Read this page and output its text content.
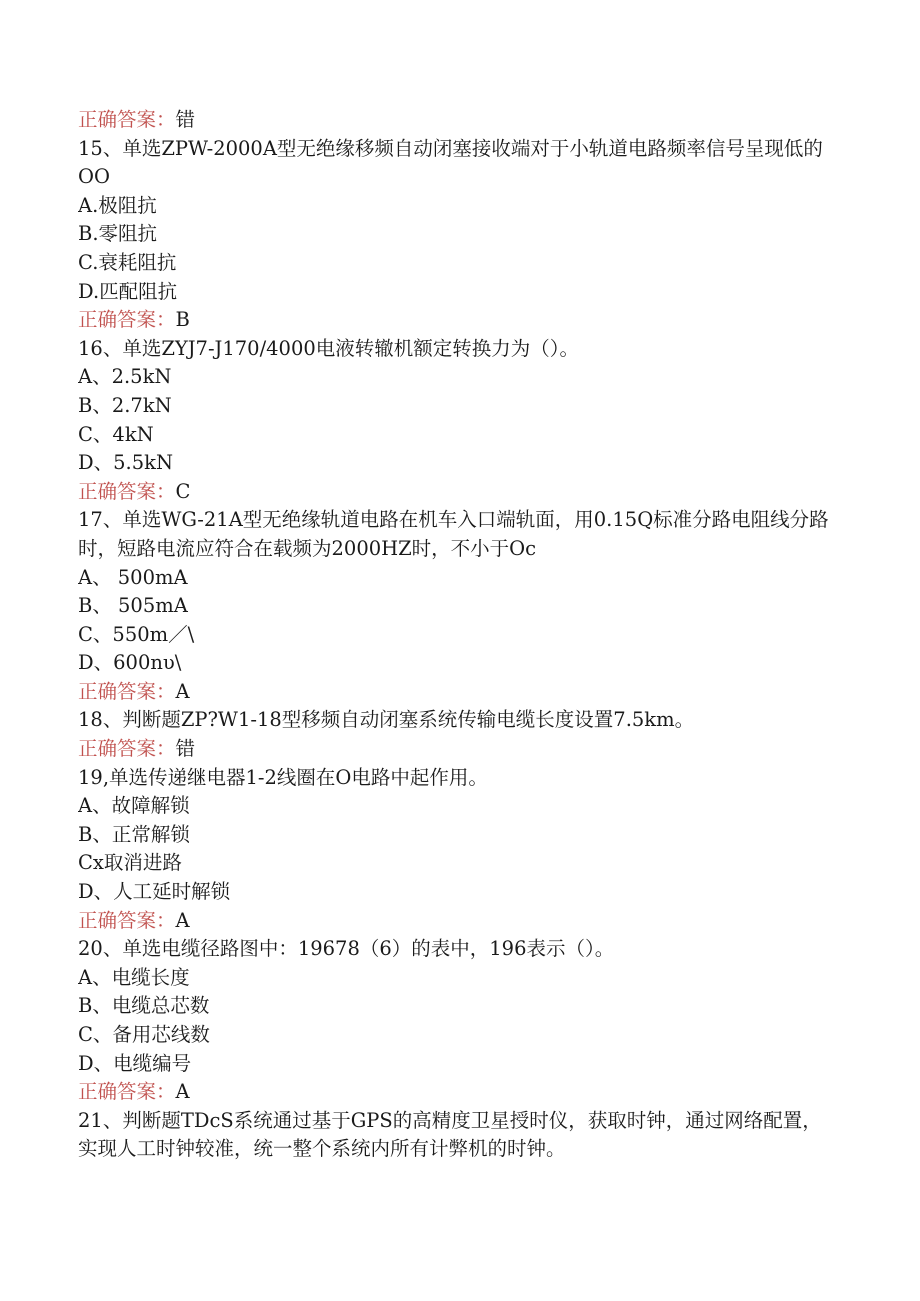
正确答案：错
15、单选ZPW-2000A型无绝缘移频自动闭塞接收端对于小轨道电路频率信号呈现低的OO
A.极阻抗
B.零阻抗
C.衰耗阻抗
D.匹配阻抗
正确答案：B
16、单选ZYJ7-J170/4000电液转辙机额定转换力为（）。
A、2.5kN
B、2.7kN
C、4kN
D、5.5kN
正确答案：C
17、单选WG-21A型无绝缘轨道电路在机车入口端轨面，用0.15Q标准分路电阻线分路时，短路电流应符合在载频为2000HZ时，不小于Oc
A、 500mA
B、 505mA
C、550m／\
D、600nυ\
正确答案：A
18、判断题ZP?W1-18型移频自动闭塞系统传输电缆长度设置7.5km。
正确答案：错
19,单选传递继电器1-2线圈在O电路中起作用。
A、故障解锁
B、正常解锁
Cx取消进路
D、人工延时解锁
正确答案：A
20、单选电缆径路图中：19678（6）的表中，196表示（）。
A、电缆长度
B、电缆总芯数
C、备用芯线数
D、电缆编号
正确答案：A
21、判断题TDcS系统通过基于GPS的高精度卫星授时仪，获取时钟，通过网络配置，实现人工时钟较准，统一整个系统内所有计弊机的时钟。
